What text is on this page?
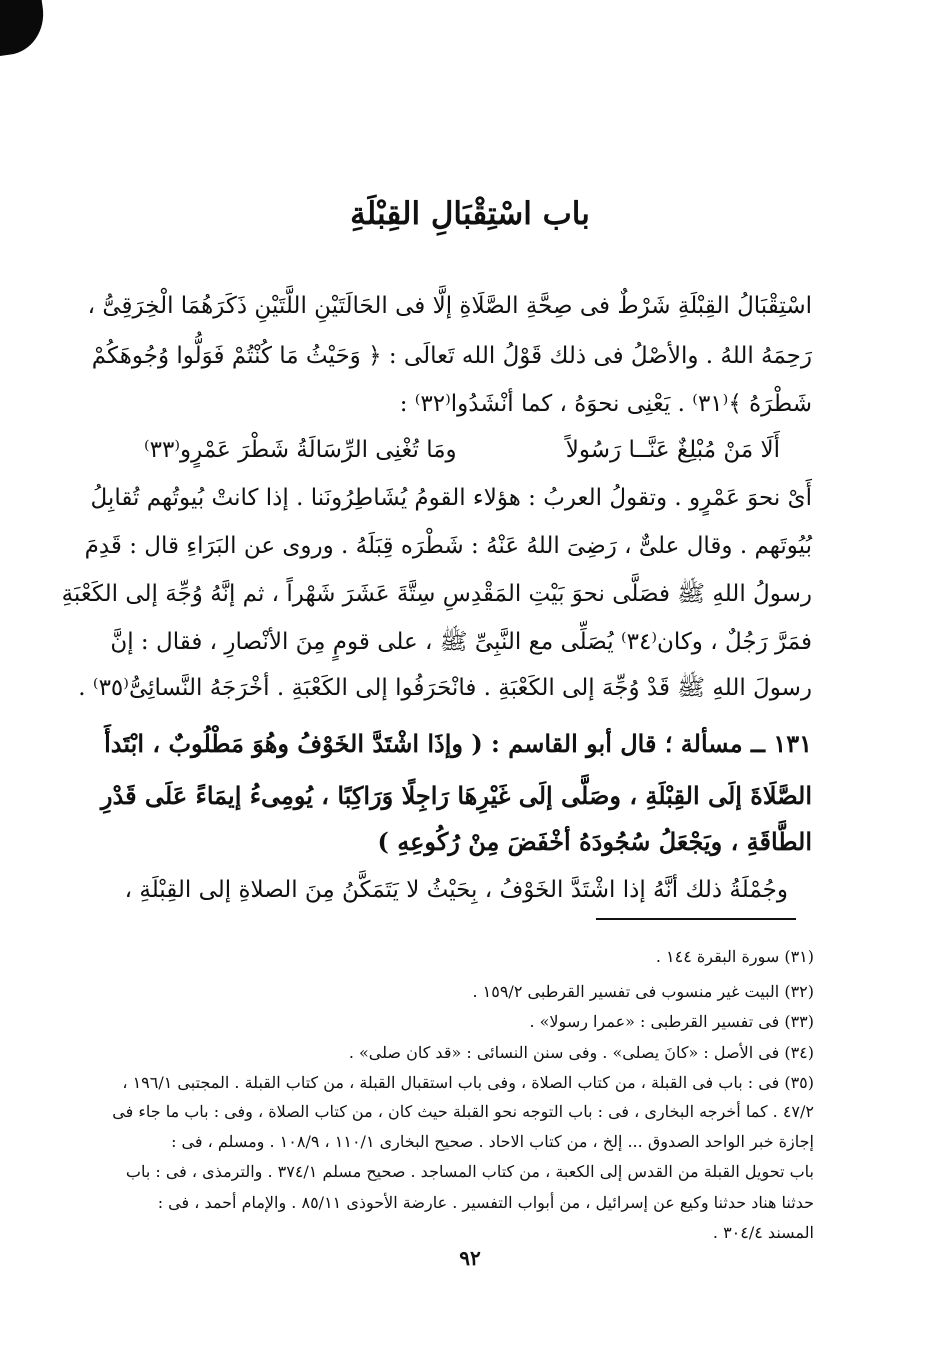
باب اسْتِقْبَالِ القِبْلَةِ
اسْتِقْبَالُ القِبْلَةِ شَرْطٌ فى صِحَّةِ الصَّلَاةِ إلَّا فى الحَالَتَيْنِ اللَّتَيْنِ ذَكَرَهُمَا الْخِرَقِىُّ ،
رَحِمَهُ اللهُ . والأصْلُ فى ذلك قَوْلُ الله تَعالَى : ﴿ وَحَيْثُ مَا كُنْتُمْ فَوَلُّوا وُجُوهَكُمْ
شَطْرَهُ ﴾⁽٣١⁾ . يَعْنِى نحوَهُ ، كما أنْشَدُوا⁽٣٢⁾ :
أَلَا مَنْ مُبْلِغٌ عَنَّــا رَسُولاً
ومَا تُغْنِى الرِّسَالَةُ شَطْرَ عَمْرٍو⁽٣٣⁾
أَىْ نحوَ عَمْرٍو . وتقولُ العربُ : هؤلاء القومُ يُشَاطِرُونَنا . إذا كانتْ بُيوتُهم تُقابِلُ
بُيُوتَهم . وقال علىٌّ ، رَضِىَ اللهُ عَنْهُ : شَطْرَه قِبَلَهُ . وروى عن البَرَاءِ قال : قَدِمَ
رسولُ اللهِ ﷺ فصَلَّى نحوَ بَيْتِ المَقْدِسِ سِتَّةَ عَشَرَ شَهْراً ، ثم إنَّهُ وُجِّهَ إلى الكَعْبَةِ
فمَرَّ رَجُلٌ ، وكان⁽٣٤⁾ يُصَلِّى مع النَّبِىِّ ﷺ ، على قومٍ مِنَ الأنْصارِ ، فقال : إنَّ
رسولَ اللهِ ﷺ قَدْ وُجِّهَ إلى الكَعْبَةِ . فانْحَرَفُوا إلى الكَعْبَةِ . أخْرَجَهُ النَّسائِىُّ⁽٣٥⁾ .
١٣١ ــ مسألة ؛ قال أبو القاسم : ( وإذَا اشْتَدَّ الخَوْفُ وهُوَ مَطْلُوبٌ ، ابْتَدأَ
الصَّلَاةَ إلَى القِبْلَةِ ، وصَلَّى إلَى غَيْرِهَا رَاجِلًا وَرَاكِبًا ، يُومِىءُ إيمَاءً عَلَى قَدْرِ
الطَّاقَةِ ، ويَجْعَلُ سُجُودَهُ أخْفَضَ مِنْ رُكُوعِهِ )
وجُمْلَةُ ذلك أنَّهُ إذا اشْتَدَّ الخَوْفُ ، بِحَيْثُ لا يَتَمَكَّنُ مِنَ الصلاةِ إلى القِبْلَةِ ،
(٣١) سورة البقرة ١٤٤ .
(٣٢) البيت غير منسوب فى تفسير القرطبى ١٥٩/٢ .
(٣٣) فى تفسير القرطبى : «عمرا رسولا» .
(٣٤) فى الأصل : «كانَ يصلى» . وفى سنن النسائى : «قد كان صلى» .
(٣٥) فى : باب فى القبلة ، من كتاب الصلاة ، وفى باب استقبال القبلة ، من كتاب القبلة . المجتبى ١٩٦/١ ،
٤٧/٢ . كما أخرجه البخارى ، فى : باب التوجه نحو القبلة حيث كان ، من كتاب الصلاة ، وفى : باب ما جاء فى
إجازة خبر الواحد الصدوق ... إلخ ، من كتاب الاحاد . صحيح البخارى ١١٠/١ ، ١٠٨/٩ . ومسلم ، فى :
باب تحويل القبلة من القدس إلى الكعبة ، من كتاب المساجد . صحيح مسلم ٣٧٤/١ . والترمذى ، فى : باب
حدثنا هناد حدثنا وكيع عن إسرائيل ، من أبواب التفسير . عارضة الأحوذى ٨٥/١١ . والإمام أحمد ، فى :
المسند ٣٠٤/٤ .
٩٢
